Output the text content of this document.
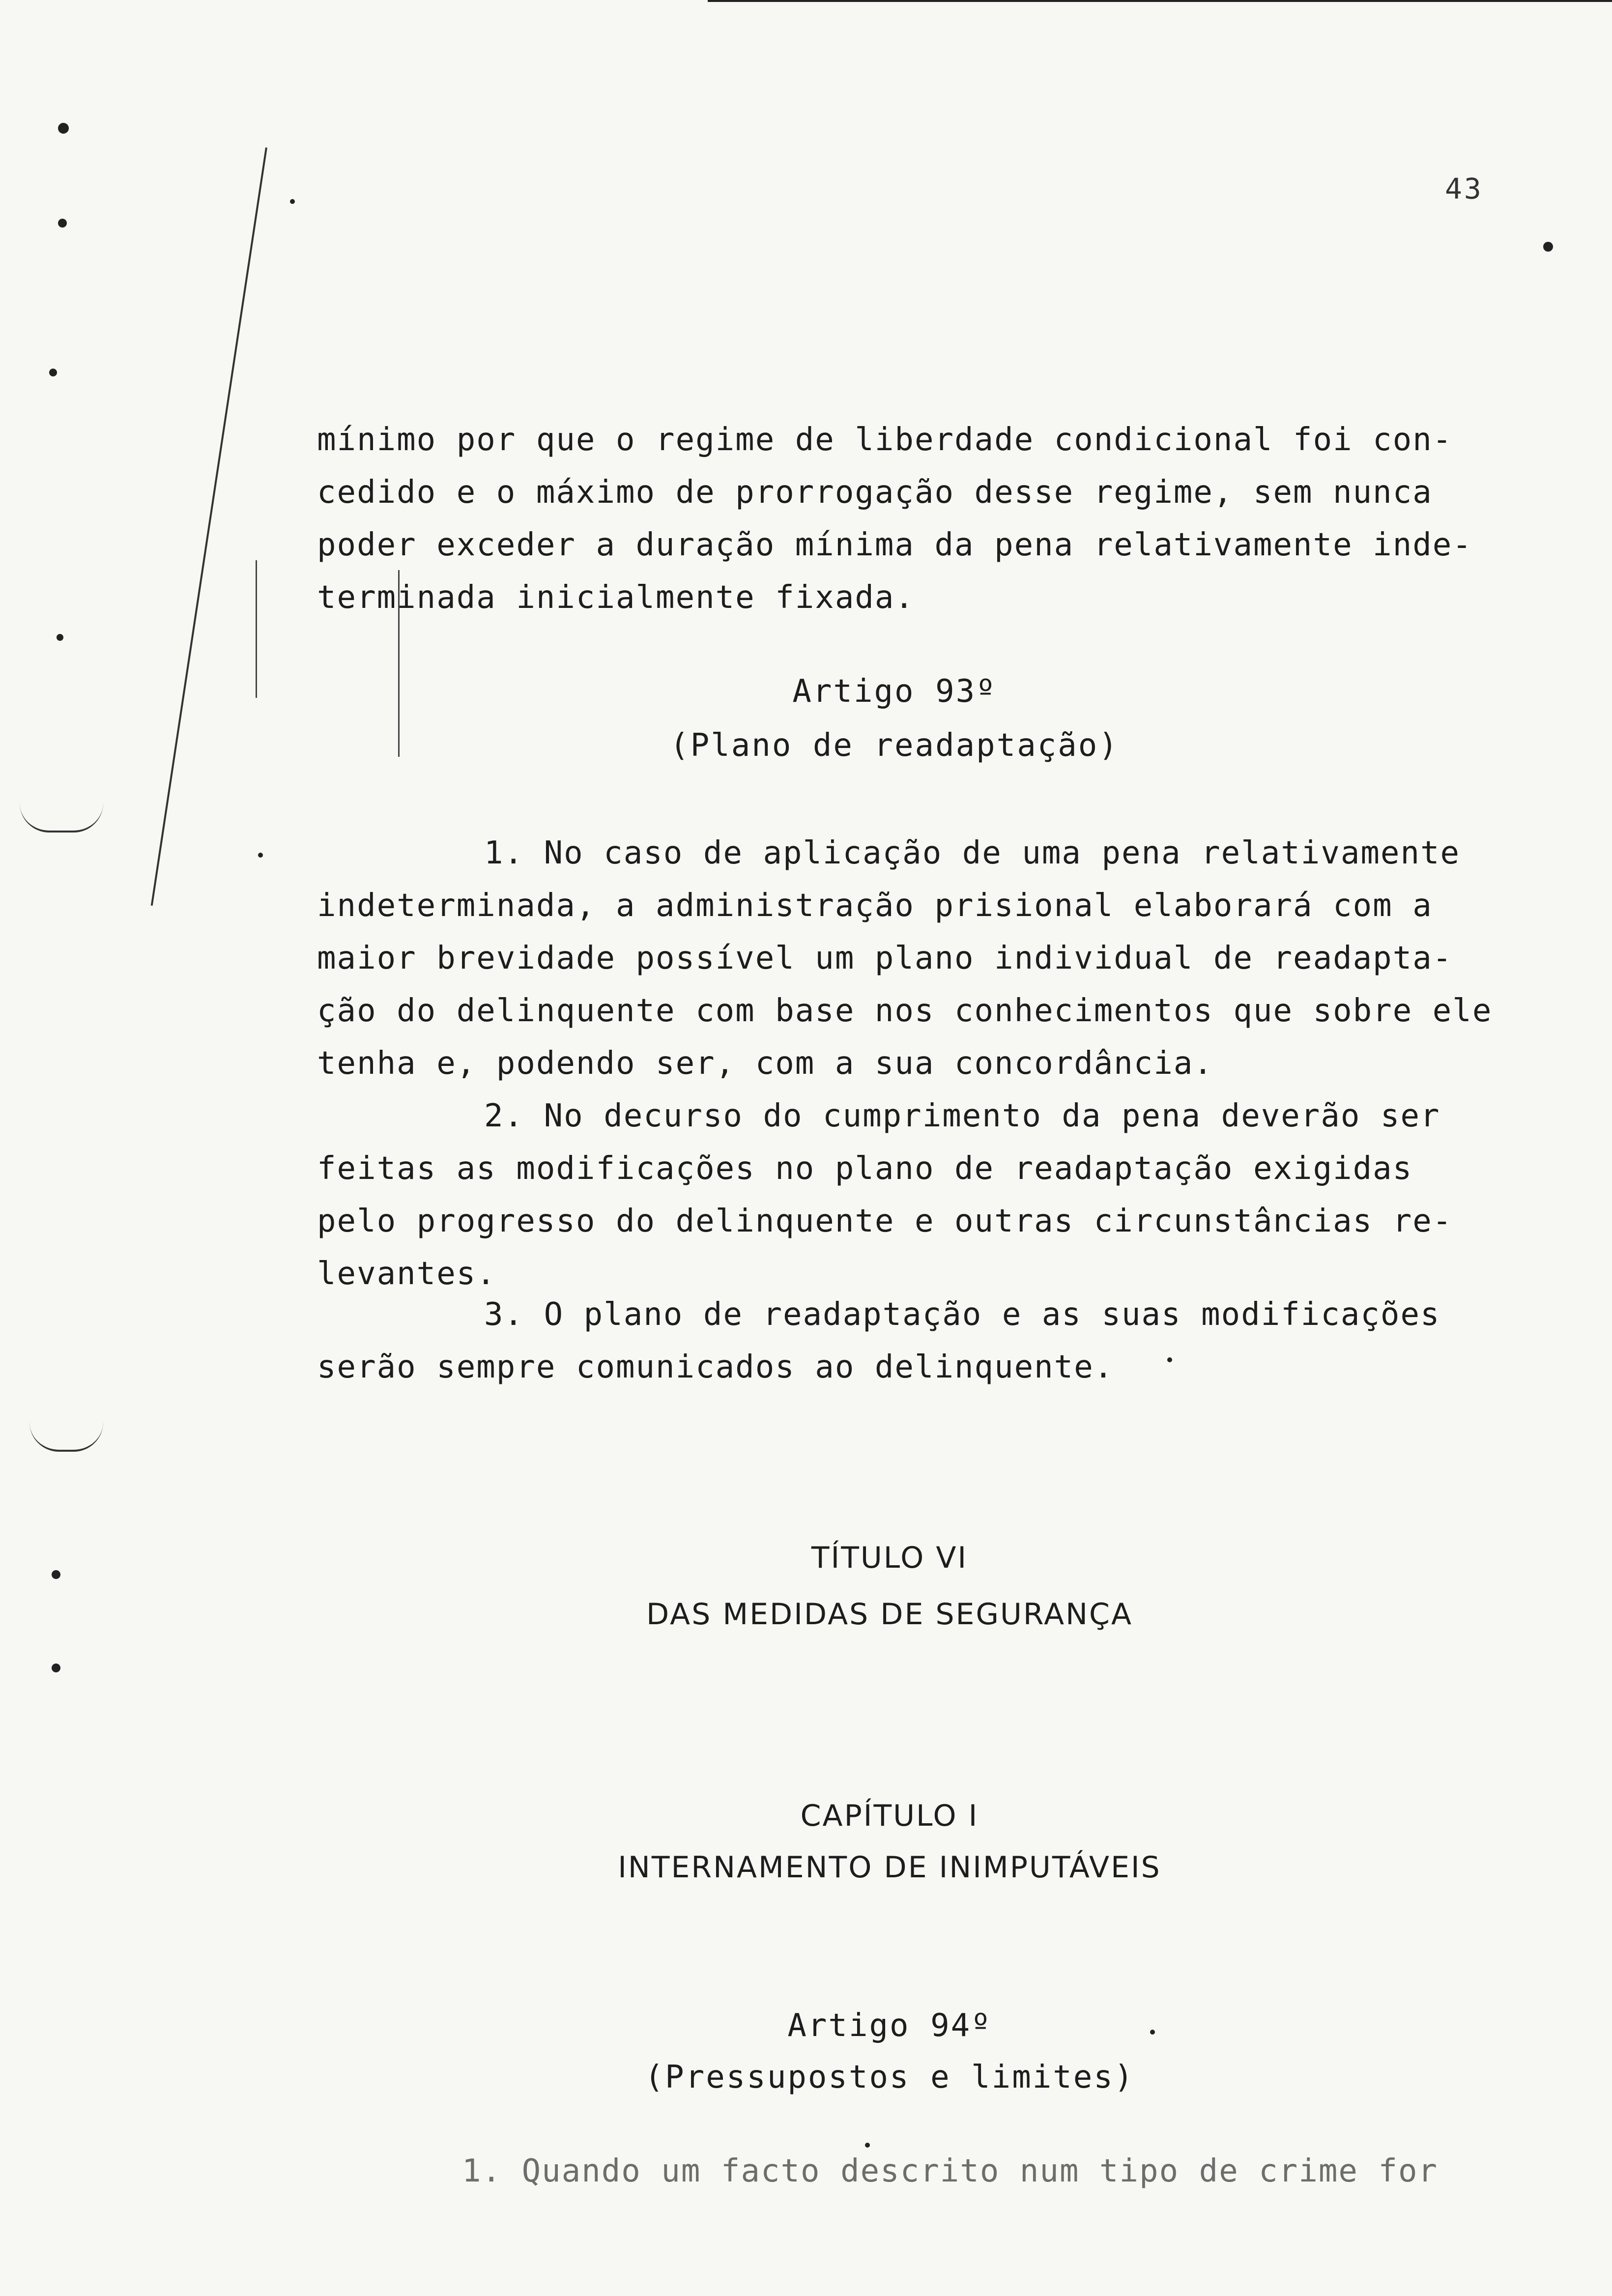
43
mínimo por que o regime de liberdade condicional foi con-
cedido e o máximo de prorrogação desse regime, sem nunca
poder exceder a duração mínima da pena relativamente inde-
terminada inicialmente fixada.
Artigo 93º
(Plano de readaptação)
1. No caso de aplicação de uma pena relativamente
indeterminada, a administração prisional elaborará com a
maior brevidade possível um plano individual de readapta-
ção do delinquente com base nos conhecimentos que sobre ele
tenha e, podendo ser, com a sua concordância.
2. No decurso do cumprimento da pena deverão ser
feitas as modificações no plano de readaptação exigidas
pelo progresso do delinquente e outras circunstâncias re-
levantes.
3. O plano de readaptação e as suas modificações
serão sempre comunicados ao delinquente.
TÍTULO VI
DAS MEDIDAS DE SEGURANÇA
CAPÍTULO I
INTERNAMENTO DE INIMPUTÁVEIS
Artigo 94º
(Pressupostos e limites)
1. Quando um facto descrito num tipo de crime for
